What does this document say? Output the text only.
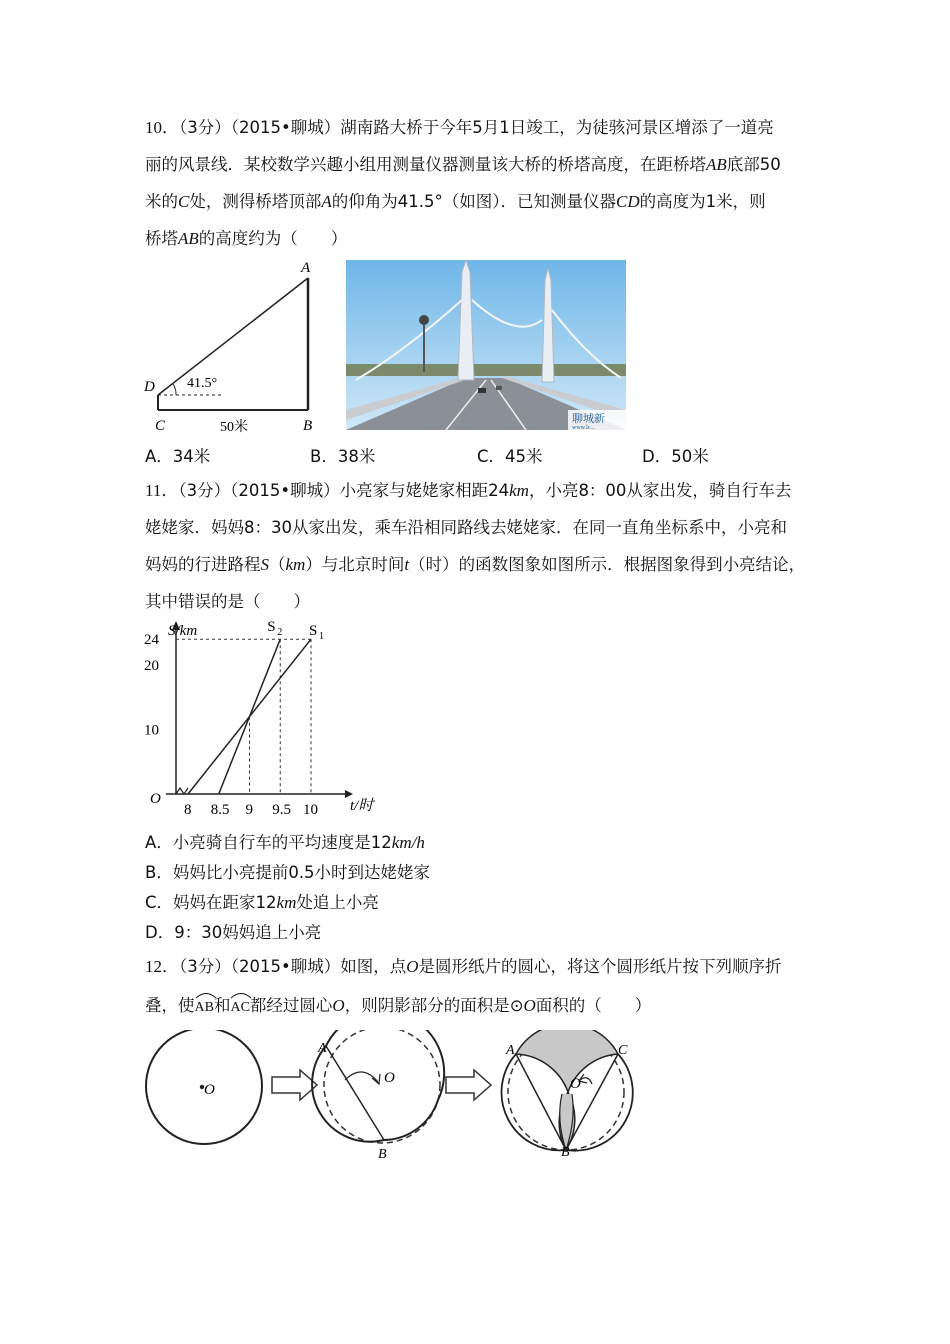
10．（3分）（2015•聊城）湖南路大桥于今年5月1日竣工，为徒骇河景区增添了一道亮
丽的风景线．某校数学兴趣小组用测量仪器测量该大桥的桥塔高度，在距桥塔AB底部50
米的C处，测得桥塔顶部A的仰角为41.5°（如图）．已知测量仪器CD的高度为1米，则
桥塔AB的高度约为（　　）
41.5°
A
B
C
D
50米
聊城新
www.lc...
A．34米	B．38米	C．45米	D．50米
11．（3分）（2015•聊城）小亮家与姥姥家相距24km，小亮8：00从家出发，骑自行车去
姥姥家．妈妈8：30从家出发，乘车沿相同路线去姥姥家．在同一直角坐标系中，小亮和
妈妈的行进路程S（km）与北京时间t（时）的函数图象如图所示．根据图象得到小亮结论，
其中错误的是（　　）
S/km
t/时
O
10
20
24
8 8.5 9 9.5 10
S 2 S 1
A．小亮骑自行车的平均速度是12km/h
B．妈妈比小亮提前0.5小时到达姥姥家
C．妈妈在距家12km处追上小亮
D．9：30妈妈追上小亮
12．（3分）（2015•聊城）如图，点O是圆形纸片的圆心，将这个圆形纸片按下列顺序折
叠，使
AB和
AC都经过圆心O，则阴影部分的面积是⊙O面积的（　　）
O
A
O
B
A	C
O
B
